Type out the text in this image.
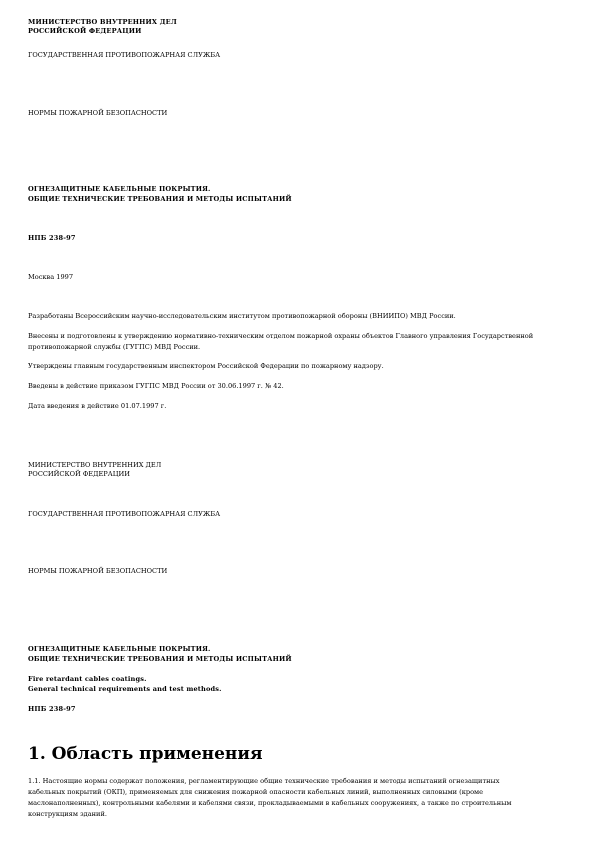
МИНИСТЕРСТВО ВНУТРЕННИХ ДЕЛ
РОССИЙСКОЙ ФЕДЕРАЦИИ
ГОСУДАРСТВЕННАЯ ПРОТИВОПОЖАРНАЯ СЛУЖБА
НОРМЫ ПОЖАРНОЙ БЕЗОПАСНОСТИ
ОГНЕЗАЩИТНЫЕ КАБЕЛЬНЫЕ ПОКРЫТИЯ.
ОБЩИЕ ТЕХНИЧЕСКИЕ ТРЕБОВАНИЯ И МЕТОДЫ ИСПЫТАНИЙ
НПБ 238-97
Москва 1997
Разработаны Всероссийским научно-исследовательским институтом противопожарной обороны (ВНИИПО) МВД России.
Внесены и подготовлены к утверждению нормативно-техническим отделом пожарной охраны объектов Главного управления Государственной противопожарной службы (ГУГПС) МВД России.
Утверждены главным государственным инспектором Российской Федерации по пожарному надзору.
Введены в действие приказом ГУГПС МВД России от 30.06.1997 г. № 42.
Дата введения в действие 01.07.1997 г.
МИНИСТЕРСТВО ВНУТРЕННИХ ДЕЛ
РОССИЙСКОЙ ФЕДЕРАЦИИ
ГОСУДАРСТВЕННАЯ ПРОТИВОПОЖАРНАЯ СЛУЖБА
НОРМЫ ПОЖАРНОЙ БЕЗОПАСНОСТИ
ОГНЕЗАЩИТНЫЕ КАБЕЛЬНЫЕ ПОКРЫТИЯ.
ОБЩИЕ ТЕХНИЧЕСКИЕ ТРЕБОВАНИЯ И МЕТОДЫ ИСПЫТАНИЙ
Fire retardant cables coatings.
General technical requirements and test methods.
НПБ 238-97
1. Область применения
1.1. Настоящие нормы содержат положения, регламентирующие общие технические требования и методы испытаний огнезащитных
кабельных покрытий (ОКП), применяемых для снижения пожарной опасности кабельных линий, выполненных силовыми (кроме
маслонаполненных), контрольными кабелями и кабелями связи, прокладываемыми в кабельных сооружениях, а также по строительным
конструкциям зданий.
